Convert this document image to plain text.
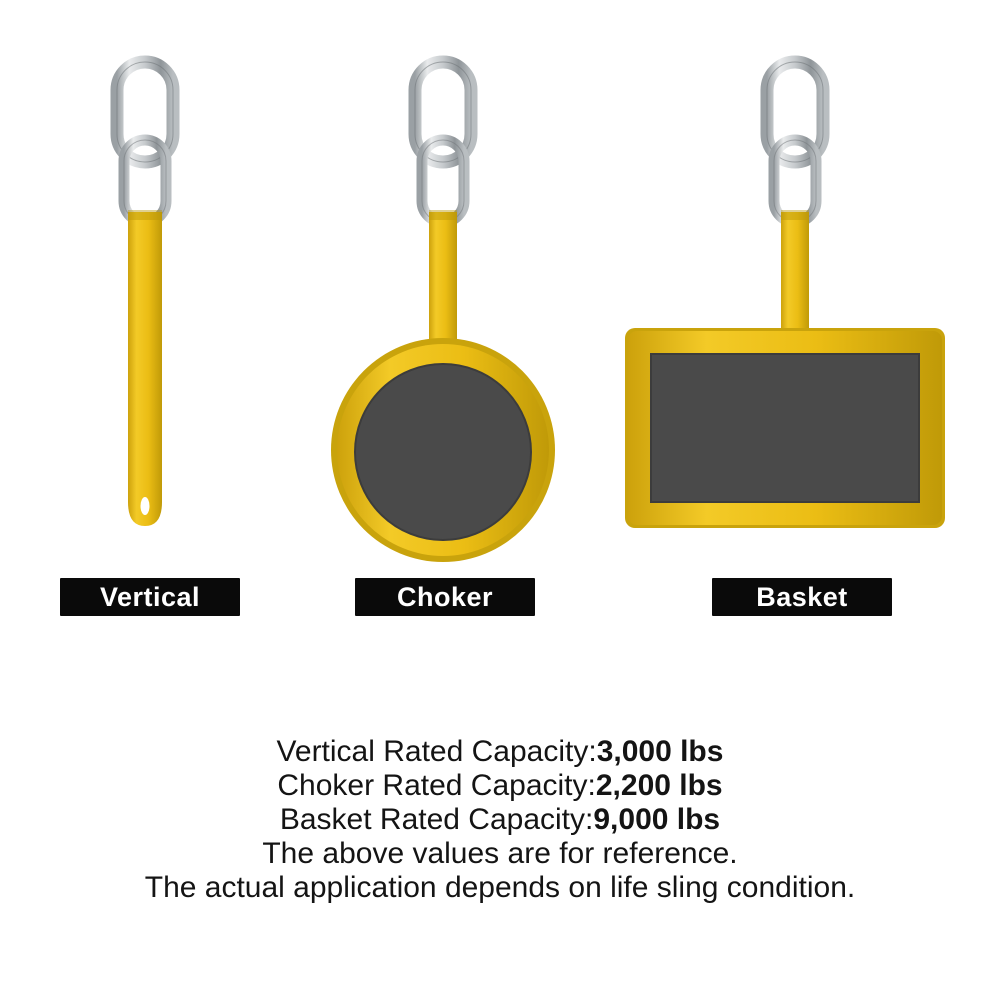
Vertical	Choker	Basket
Vertical Rated Capacity:3,000 lbs
Choker Rated Capacity:2,200 lbs
Basket Rated Capacity:9,000 lbs
The above values are for reference.
The actual application depends on life sling condition.
